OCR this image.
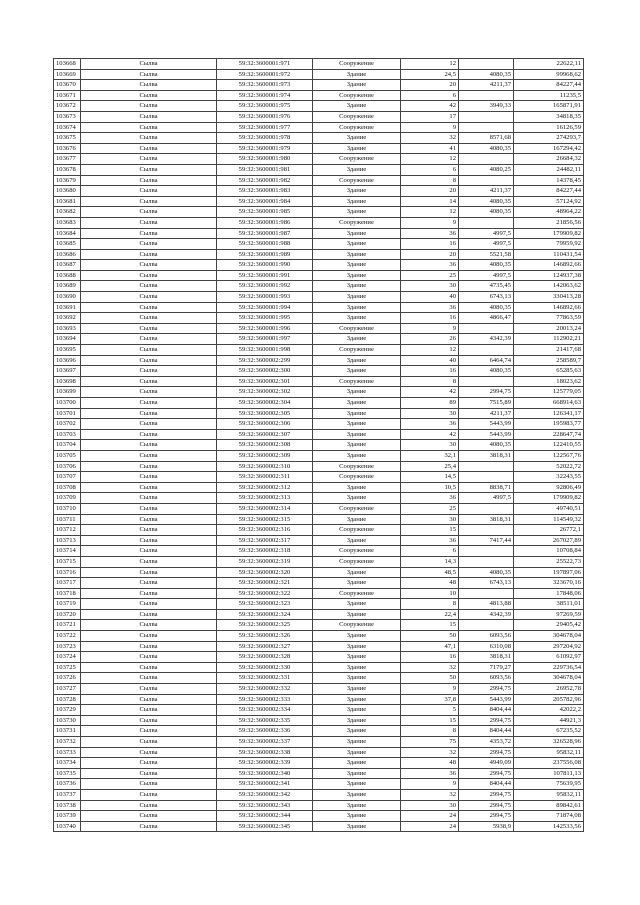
103668	Сылва	59:32:3600001:971	Сооружение	12		22622,11
103669	Сылва	59:32:3600001:972	Здание	24,5	4080,35	99968,62
103670	Сылва	59:32:3600001:973	Здание	20	4211,37	84227,44
103671	Сылва	59:32:3600001:974	Сооружение	6		11235,5
103672	Сылва	59:32:3600001:975	Здание	42	3949,33	165871,91
103673	Сылва	59:32:3600001:976	Сооружение	17		34818,35
103674	Сылва	59:32:3600001:977	Сооружение	9		16126,59
103675	Сылва	59:32:3600001:978	Здание	32	8571,68	274293,7
103676	Сылва	59:32:3600001:979	Здание	41	4080,35	167294,42
103677	Сылва	59:32:3600001:980	Сооружение	12		26684,32
103678	Сылва	59:32:3600001:981	Здание	6	4080,25	24482,11
103679	Сылва	59:32:3600001:982	Сооружение	8		14378,45
103680	Сылва	59:32:3600001:983	Здание	20	4211,37	84227,44
103681	Сылва	59:32:3600001:984	Здание	14	4080,35	57124,92
103682	Сылва	59:32:3600001:985	Здание	12	4080,35	48964,22
103683	Сылва	59:32:3600001:986	Сооружение	9		21856,56
103684	Сылва	59:32:3600001:987	Здание	36	4997,5	179909,82
103685	Сылва	59:32:3600001:988	Здание	16	4997,5	79959,92
103686	Сылва	59:32:3600001:989	Здание	20	5521,58	110431,54
103687	Сылва	59:32:3600001:990	Здание	36	4080,35	146892,66
103688	Сылва	59:32:3600001:991	Здание	25	4997,5	124937,38
103689	Сылва	59:32:3600001:992	Здание	30	4735,45	142063,62
103690	Сылва	59:32:3600001:993	Здание	40	6743,13	330413,28
103691	Сылва	59:32:3600001:994	Здание	36	4080,35	146892,66
103692	Сылва	59:32:3600001:995	Здание	16	4866,47	77863,59
103693	Сылва	59:32:3600001:996	Сооружение	9		20013,24
103694	Сылва	59:32:3600001:997	Здание	26	4342,39	112902,21
103695	Сылва	59:32:3600001:998	Сооружение	12		21417,68
103696	Сылва	59:32:3600002:299	Здание	40	6464,74	258589,7
103697	Сылва	59:32:3600002:300	Здание	16	4080,35	65285,63
103698	Сылва	59:32:3600002:301	Сооружение	8		18023,62
103699	Сылва	59:32:3600002:302	Здание	42	2994,75	125779,05
103700	Сылва	59:32:3600002:304	Здание	89	7515,89	668914,63
103701	Сылва	59:32:3600002:305	Здание	30	4211,37	126341,17
103702	Сылва	59:32:3600002:306	Здание	36	5443,99	195983,77
103703	Сылва	59:32:3600002:307	Здание	42	5443,99	228647,74
103704	Сылва	59:32:3600002:308	Здание	30	4080,35	122410,55
103705	Сылва	59:32:3600002:309	Здание	32,1	3818,31	122567,76
103706	Сылва	59:32:3600002:310	Сооружение	25,4		52022,72
103707	Сылва	59:32:3600002:311	Сооружение	14,5		32243,55
103708	Сылва	59:32:3600002:312	Здание	10,5	8838,71	92806,49
103709	Сылва	59:32:3600002:313	Здание	36	4997,5	179909,82
103710	Сылва	59:32:3600002:314	Сооружение	25		49740,51
103711	Сылва	59:32:3600002:315	Здание	30	3818,31	114549,32
103712	Сылва	59:32:3600002:316	Сооружение	15		26772,1
103713	Сылва	59:32:3600002:317	Здание	36	7417,44	267027,89
103714	Сылва	59:32:3600002:318	Сооружение	6		10708,84
103715	Сылва	59:32:3600002:319	Сооружение	14,3		25522,73
103716	Сылва	59:32:3600002:320	Здание	48,5	4080,35	197897,06
103717	Сылва	59:32:3600002:321	Здание	48	6743,13	323670,16
103718	Сылва	59:32:3600002:322	Сооружение	10		17848,06
103719	Сылва	59:32:3600002:323	Здание	8	4813,88	38511,01
103720	Сылва	59:32:3600002:324	Здание	22,4	4342,39	97269,59
103721	Сылва	59:32:3600002:325	Сооружение	15		29405,42
103722	Сылва	59:32:3600002:326	Здание	50	6093,56	304678,04
103723	Сылва	59:32:3600002:327	Здание	47,1	6310,08	297204,92
103724	Сылва	59:32:3600002:328	Здание	16	3818,31	61092,97
103725	Сылва	59:32:3600002:330	Здание	32	7179,27	229736,54
103726	Сылва	59:32:3600002:331	Здание	50	6093,56	304678,04
103727	Сылва	59:32:3600002:332	Здание	9	2994,75	26952,78
103728	Сылва	59:32:3600002:333	Здание	37,8	5443,99	205782,96
103729	Сылва	59:32:3600002:334	Здание	5	8404,44	42022,2
103730	Сылва	59:32:3600002:335	Здание	15	2994,75	44921,3
103731	Сылва	59:32:3600002:336	Здание	8	8404,44	67235,52
103732	Сылва	59:32:3600002:337	Здание	75	4353,72	326528,96
103733	Сылва	59:32:3600002:338	Здание	32	2994,75	95832,11
103734	Сылва	59:32:3600002:339	Здание	48	4949,09	237556,08
103735	Сылва	59:32:3600002:340	Здание	36	2994,75	107811,13
103736	Сылва	59:32:3600002:341	Здание	9	8404,44	75639,95
103737	Сылва	59:32:3600002:342	Здание	32	2994,75	95832,11
103738	Сылва	59:32:3600002:343	Здание	30	2994,75	89842,61
103739	Сылва	59:32:3600002:344	Здание	24	2994,75	71874,08
103740	Сылва	59:32:3600002:345	Здание	24	5938,9	142533,56
